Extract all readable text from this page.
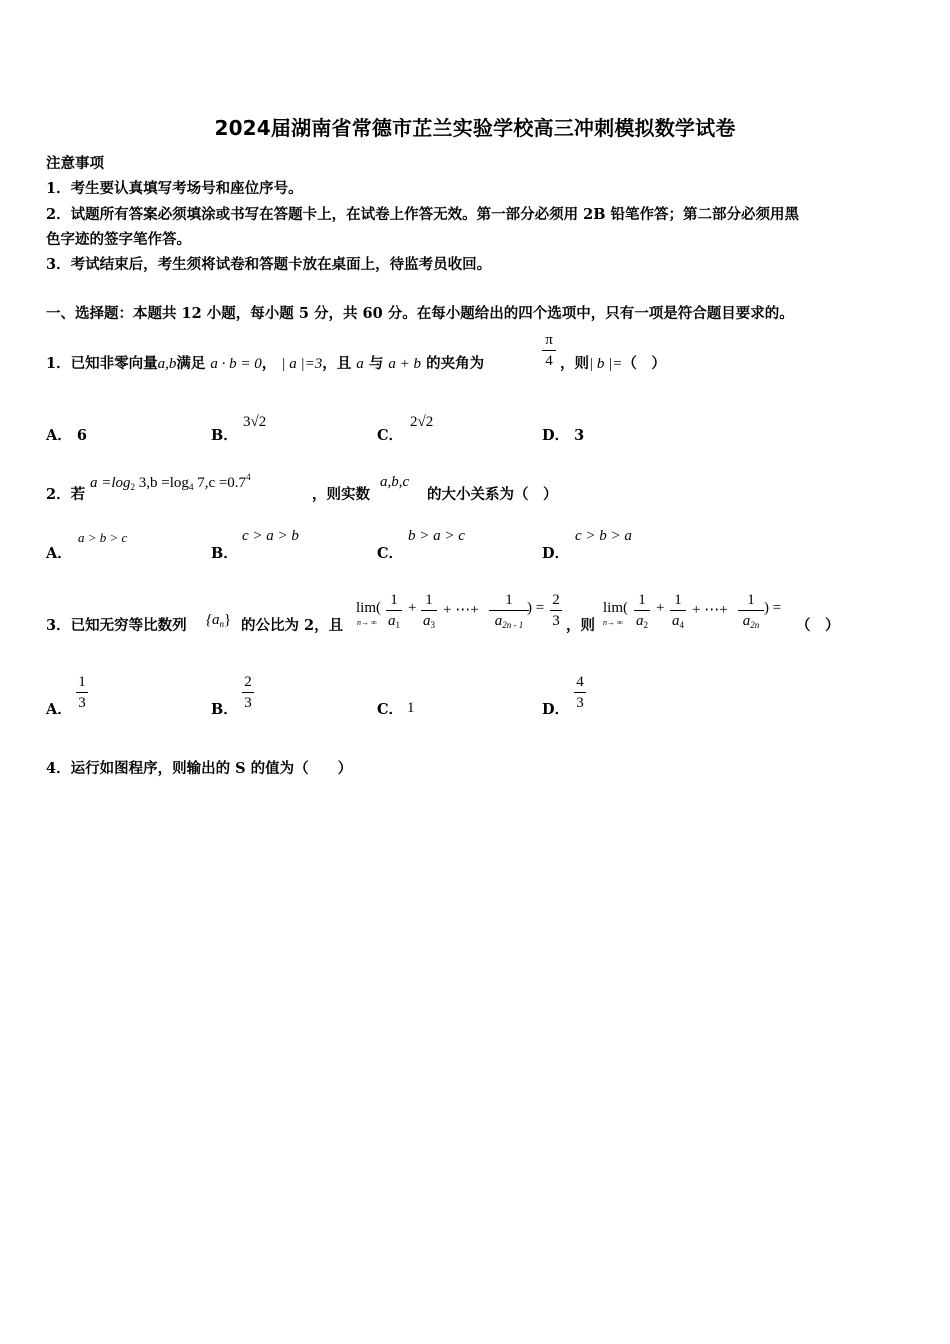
2024届湖南省常德市芷兰实验学校高三冲刺模拟数学试卷
注意事项
1．考生要认真填写考场号和座位序号。
2．试题所有答案必须填涂或书写在答题卡上，在试卷上作答无效。第一部分必须用 2B 铅笔作答；第二部分必须用黑
色字迹的签字笔作答。
3．考试结束后，考生须将试卷和答题卡放在桌面上，待监考员收回。
一、选择题：本题共 12 小题，每小题 5 分，共 60 分。在每小题给出的四个选项中，只有一项是符合题目要求的。
1．已知非零向量a,b满足 a · b = 0， | a |=3，且 a 与 a + b 的夹角为
π
4 ，则| b |=（　）
A． 6	B．
3√2
C．
2√2
D． 3
2．若
$a =\log_2$ $3,b =\log_4$ $7,c =0.7^4$
，则实数
a,b,c
的大小关系为（　）
A．
a > b > c
B．
c > a > b
C．
b > a > c
D．
c > b > a
3．已知无穷等比数列 $\{a_n\}$ 的公比为 2，且
lim(
n→ ∞
1
$a_1$
+ 1
$a_3$
+ ⋯+
1
$a_{2n - 1}$
) = 2
3 ，则
lim(
n→ ∞
1
$a_2$
+ 1
$a_4$
+ ⋯+
1
$a_{2n}$
) =
（　）
A．
1
3	B．
2
3	C． 1	D．
4
3
4．运行如图程序，则输出的 S 的值为（　　）
